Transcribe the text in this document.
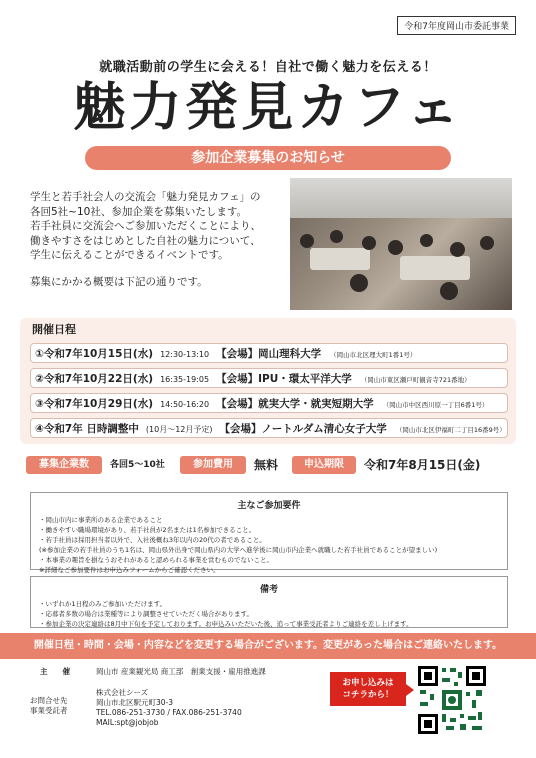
令和7年度岡山市委託事業
就職活動前の学生に会える！自社で働く魅力を伝える！
魅力発見カフェ
参加企業募集のお知らせ

学生と若手社会人の交流会「魅力発見カフェ」の

各回5社~10社、参加企業を募集いたします。

若手社員に交流会へご参加いただくことにより、

働きやすさをはじめとした自社の魅力について、

学生に伝えることができるイベントです。

募集にかかる概要は下記の通りです。

開催日程
①令和7年10月15日(水) 12:30-13:10 【会場】岡山理科大学 （岡山市北区理大町1番1号）
②令和7年10月22日(水) 16:35-19:05 【会場】IPU・環太平洋大学 （岡山市東区瀬戸町観音寺721番地）
③令和7年10月29日(水) 14:50-16:20 【会場】就実大学・就実短期大学 （岡山市中区西川原一丁目6番1号）
④令和7年 日時調整中 (10月～12月予定) 【会場】ノートルダム清心女子大学 （岡山市北区伊福町二丁目16番9号）
募集企業数	各回5～10社	参加費用	無料	申込期限	令和7年8月15日(金)
主なご参加要件
・岡山市内に事業所のある企業であること
・働きやすい職場環境があり、若手社員が2名または1名参加できること。
・若手社員は採用担当者以外で、入社後概ね3年以内の20代の者であること。
(※参加企業の若手社員のうち1名は、岡山県外出身で岡山県内の大学へ進学後に岡山市内企業へ就職した若手社員であることが望ましい)
・本事業の趣旨を損なうおそれがあると認められる事業を営むものでないこと。
※詳細なご参加要件はお申込みフォームからご確認ください。
備考
・いずれか1日程のみご参加いただけます。
・応募者多数の場合は業種等により調整させていただく場合があります。
・参加企業の決定連絡は8月中下旬を予定しております。お申込みいただいた後、追って事業受託者よりご連絡を差し上げます。
開催日程・時間・会場・内容などを変更する場合がございます。変更があった場合はご連絡いたします。
主　　催	岡山市 産業観光局 商工部　創業支援・雇用推進課
お問合せ先
事業受託者
株式会社シーズ
岡山市北区駅元町30-3
TEL.086-251-3730 / FAX.086-251-3740
MAIL:spt@jobjob
お申し込みは
コチラから！
